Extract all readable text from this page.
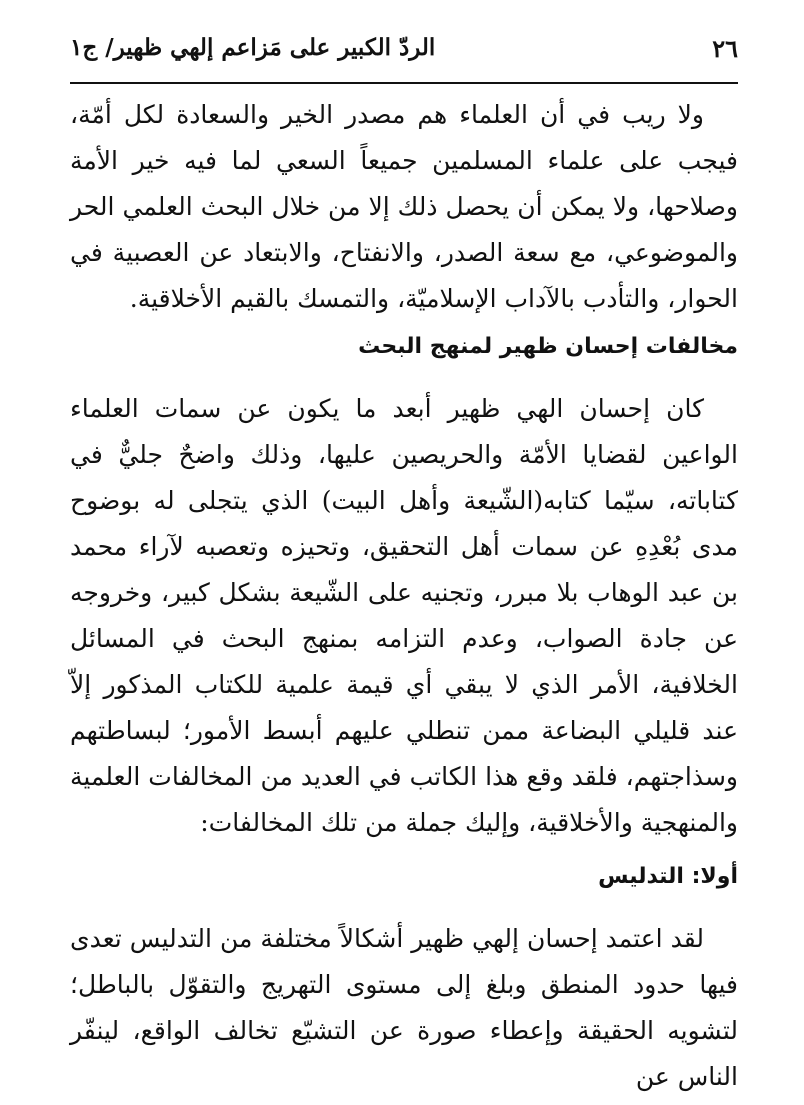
٢٦
الردّ الكبير على مَزاعم إلهي ظهير/ ج١

ولا ريب في أن العلماء هم مصدر الخير والسعادة لكل أمّة، فيجب على علماء المسلمين جميعاً السعي لما فيه خير الأمة وصلاحها، ولا يمكن أن يحصل ذلك إلا من خلال البحث العلمي الحر والموضوعي، مع سعة الصدر، والانفتاح، والابتعاد عن العصبية في الحوار، والتأدب بالآداب الإسلاميّة، والتمسك بالقيم الأخلاقية.

مخالفات إحسان ظهير لمنهج البحث

كان إحسان الهي ظهير أبعد ما يكون عن سمات العلماء الواعين لقضايا الأمّة والحريصين عليها، وذلك واضحٌ جليٌّ في كتاباته، سيّما كتابه(الشّيعة وأهل البيت) الذي يتجلى له بوضوح مدى بُعْدِهِ عن سمات أهل التحقيق، وتحيزه وتعصبه لآراء محمد بن عبد الوهاب بلا مبرر، وتجنيه على الشّيعة بشكل كبير، وخروجه عن جادة الصواب، وعدم التزامه بمنهج البحث في المسائل الخلافية، الأمر الذي لا يبقي أي قيمة علمية للكتاب المذكور إلاّ عند قليلي البضاعة ممن تنطلي عليهم أبسط الأمور؛ لبساطتهم وسذاجتهم، فلقد وقع هذا الكاتب في العديد من المخالفات العلمية والمنهجية والأخلاقية، وإليك جملة من تلك المخالفات:

أولا: التدليس

لقد اعتمد إحسان إلهي ظهير أشكالاً مختلفة من التدليس تعدى فيها حدود المنطق وبلغ إلى مستوى التهريج والتقوّل بالباطل؛ لتشويه الحقيقة وإعطاء صورة عن التشيّع تخالف الواقع، لينفّر الناس عن
